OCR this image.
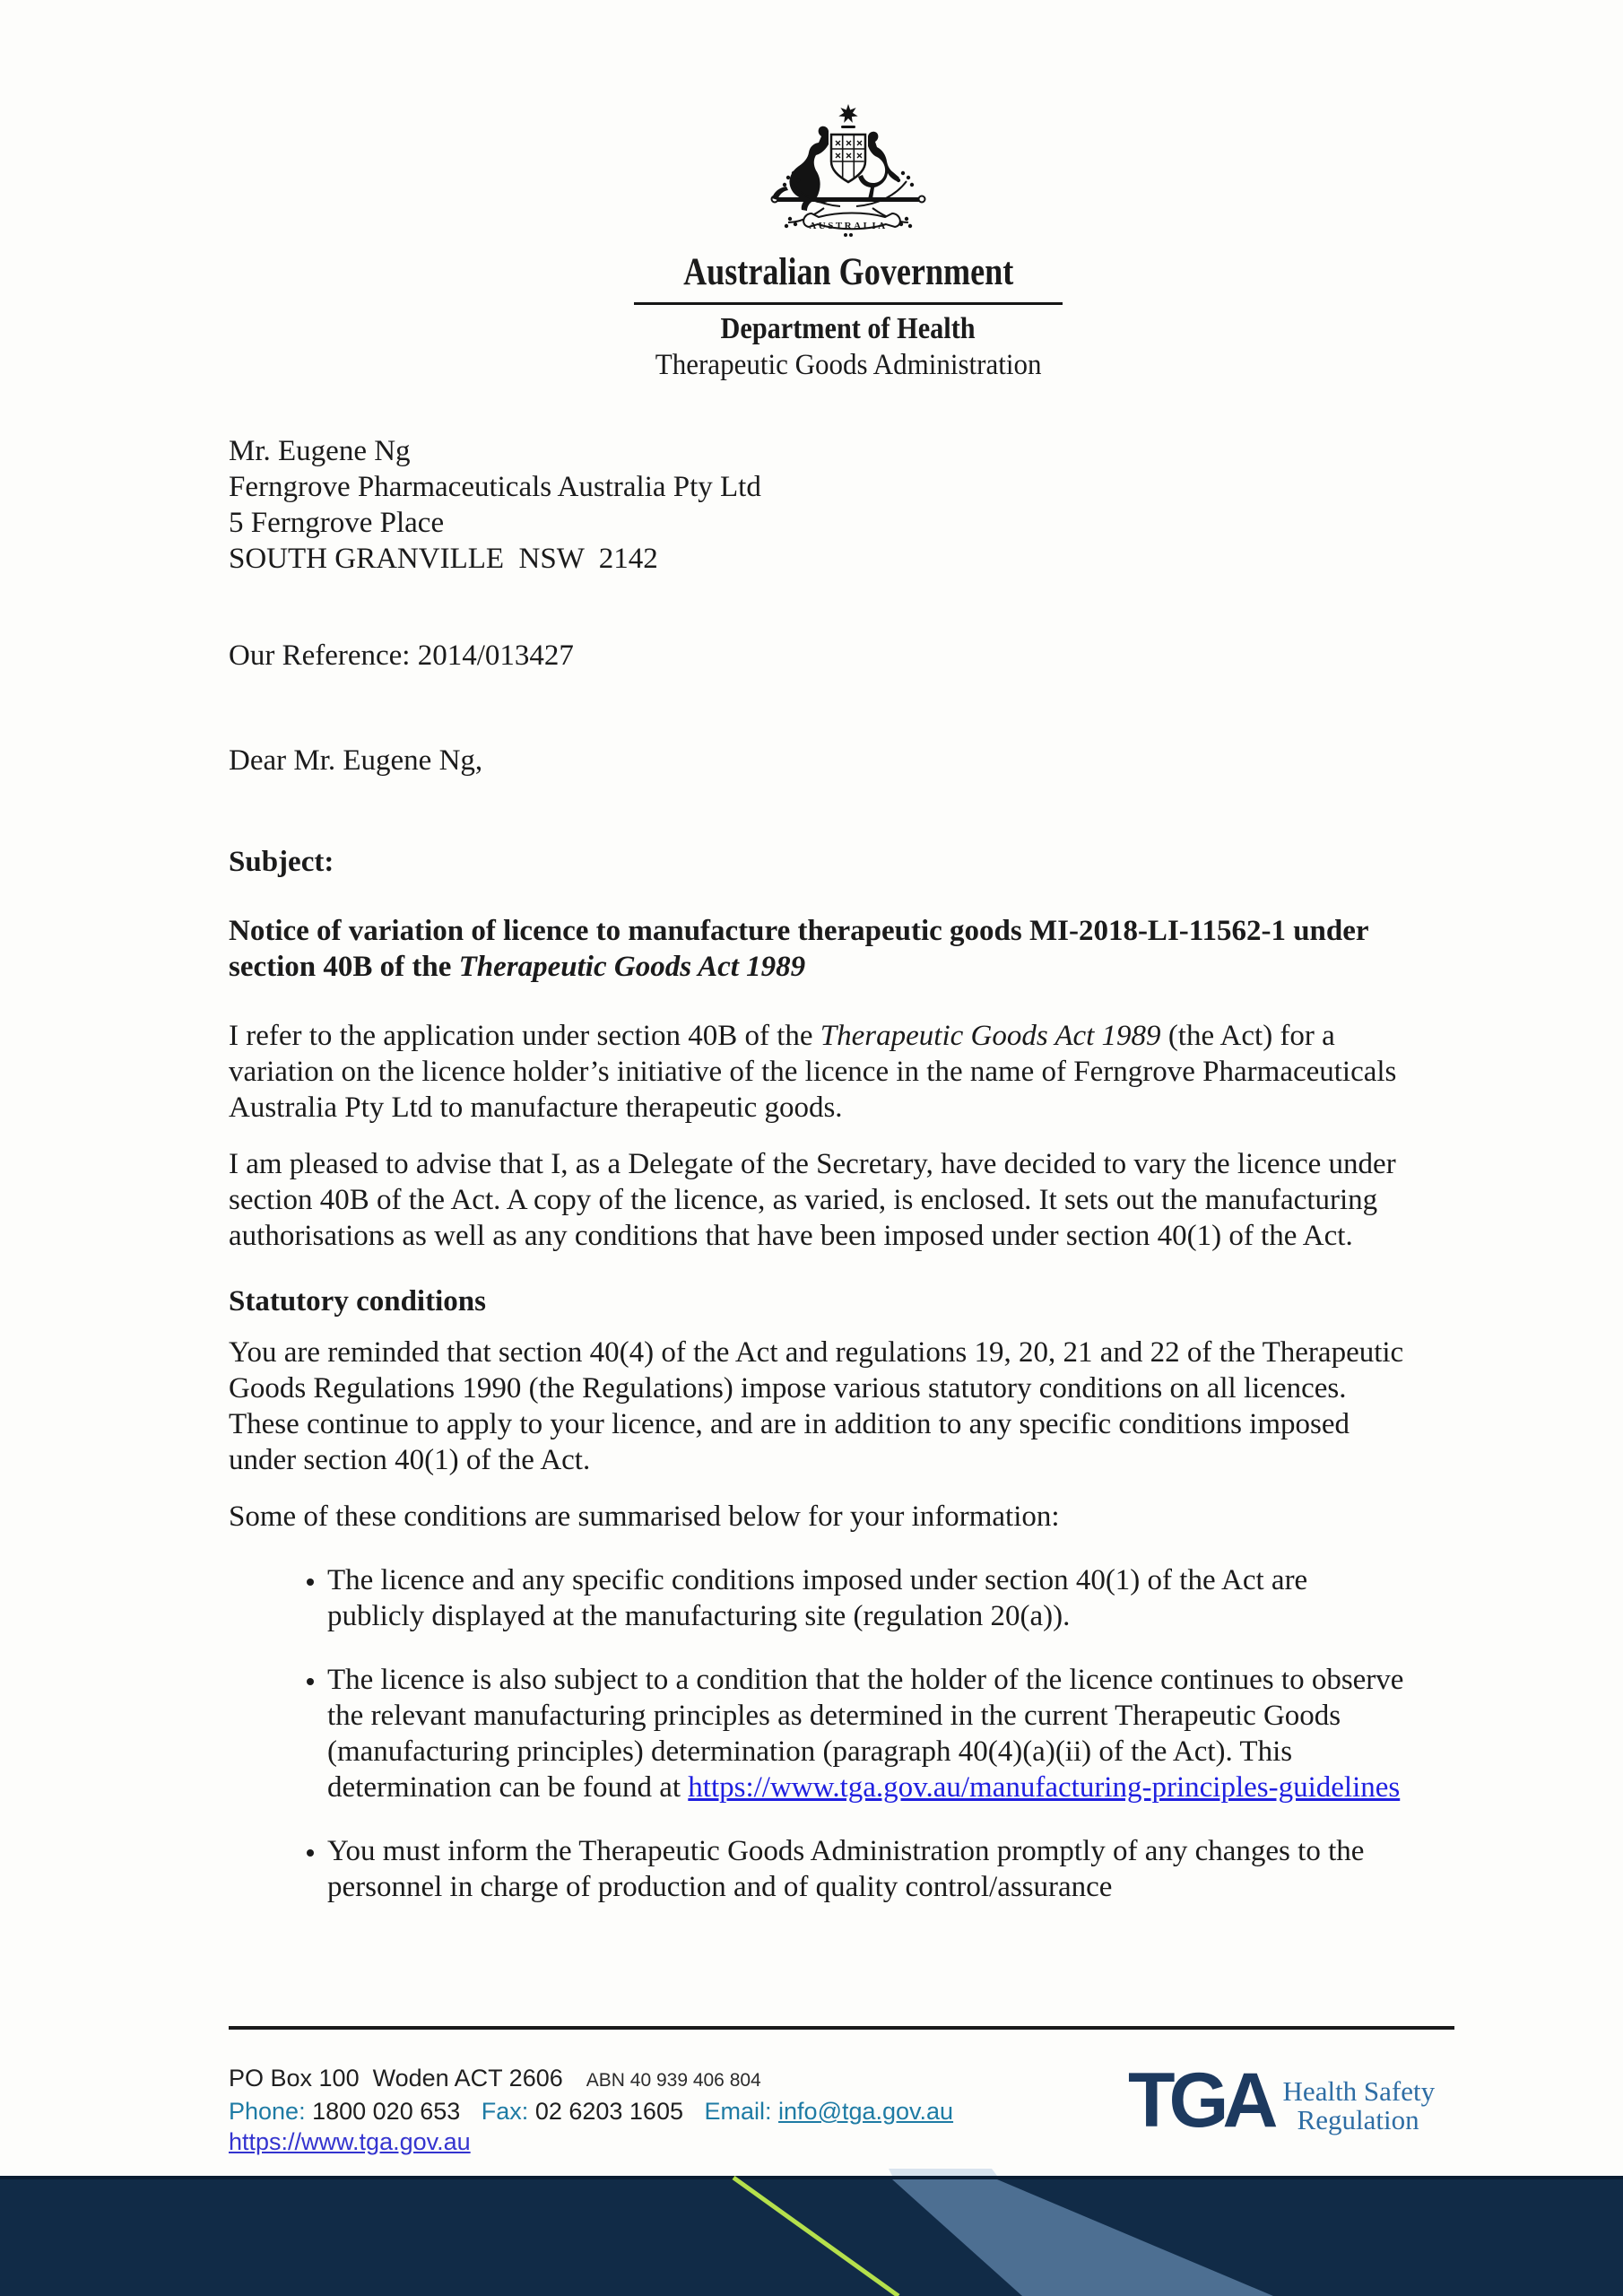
AUSTRALIA
Australian Government
Department of Health
Therapeutic Goods Administration
Mr. Eugene Ng
Ferngrove Pharmaceuticals Australia Pty Ltd
5 Ferngrove Place
SOUTH GRANVILLE  NSW  2142

Our Reference: 2014/013427

Dear Mr. Eugene Ng,

Subject:

Notice of variation of licence to manufacture therapeutic goods MI-2018-LI-11562-1 under section 40B of the Therapeutic Goods Act 1989

I refer to the application under section 40B of the Therapeutic Goods Act 1989 (the Act) for a variation on the licence holder’s initiative of the licence in the name of Ferngrove Pharmaceuticals Australia Pty Ltd to manufacture therapeutic goods.

I am pleased to advise that I, as a Delegate of the Secretary, have decided to vary the licence under section 40B of the Act. A copy of the licence, as varied, is enclosed. It sets out the manufacturing authorisations as well as any conditions that have been imposed under section 40(1) of the Act.

Statutory conditions

You are reminded that section 40(4) of the Act and regulations 19, 20, 21 and 22 of the Therapeutic Goods Regulations 1990 (the Regulations) impose various statutory conditions on all licences. These continue to apply to your licence, and are in addition to any specific conditions imposed under section 40(1) of the Act.

Some of these conditions are summarised below for your information:

• The licence and any specific conditions imposed under section 40(1) of the Act are publicly displayed at the manufacturing site (regulation 20(a)).
• The licence is also subject to a condition that the holder of the licence continues to observe the relevant manufacturing principles as determined in the current Therapeutic Goods (manufacturing principles) determination (paragraph 40(4)(a)(ii) of the Act). This determination can be found at https://www.tga.gov.au/manufacturing-principles-guidelines
• You must inform the Therapeutic Goods Administration promptly of any changes to the personnel in charge of production and of quality control/assurance
PO Box 100  Woden ACT 2606 ABN 40 939 406 804
Phone: 1800 020 653 Fax: 02 6203 1605 Email: info@tga.gov.au
https://www.tga.gov.au	TGA Health Safety
Regulation
